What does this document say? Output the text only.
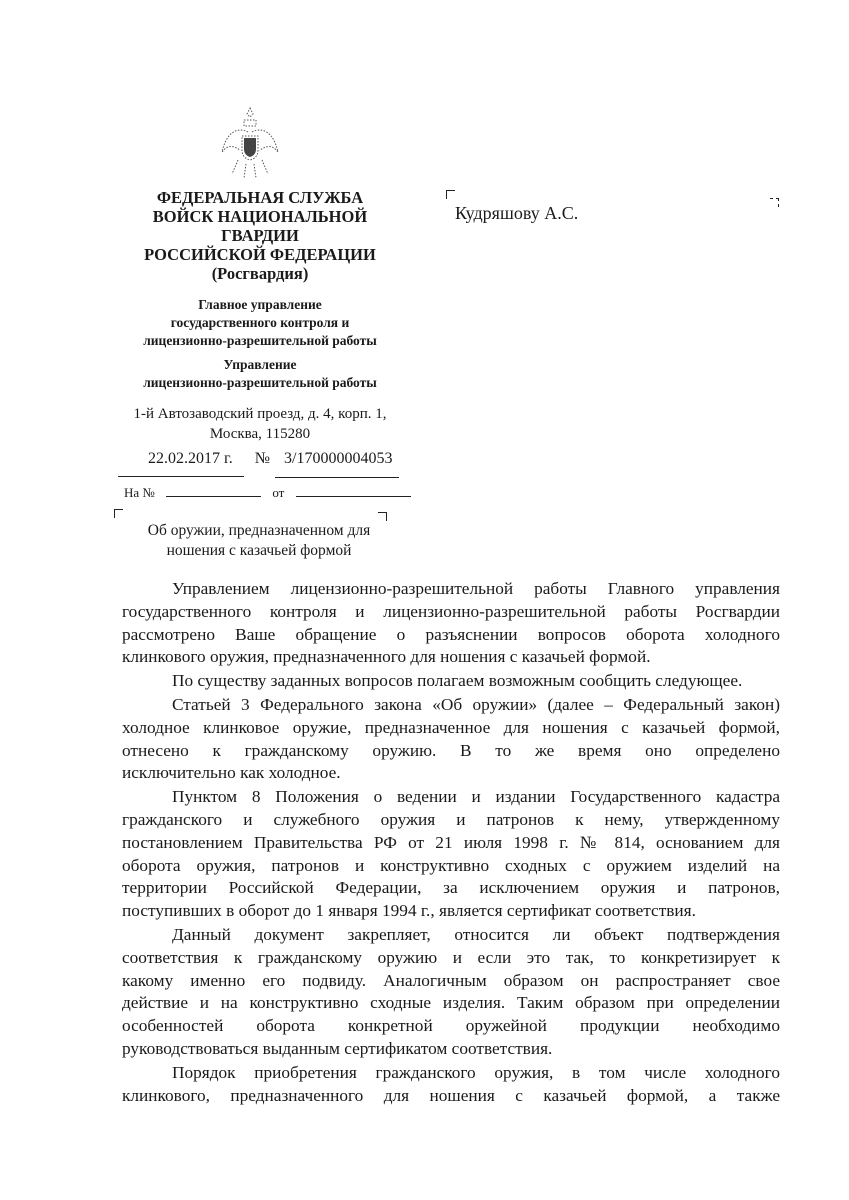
ФЕДЕРАЛЬНАЯ СЛУЖБА
ВОЙСК НАЦИОНАЛЬНОЙ
ГВАРДИИ
РОССИЙСКОЙ ФЕДЕРАЦИИ
(Росгвардия)
Главное управление
государственного контроля и
лицензионно-разрешительной работы
Управление
лицензионно-разрешительной работы
1-й Автозаводский проезд, д. 4, корп. 1,
Москва, 115280
22.02.2017 г. № 3/170000004053
На №	от
Об оружии, предназначенном для
ношения с казачьей формой
Кудряшову А.С.
Управлением лицензионно-разрешительной работы Главного управления
государственного контроля и лицензионно-разрешительной работы Росгвардии
рассмотрено Ваше обращение о разъяснении вопросов оборота холодного
клинкового оружия, предназначенного для ношения с казачьей формой.
По существу заданных вопросов полагаем возможным сообщить следующее.
Статьей 3 Федерального закона «Об оружии» (далее – Федеральный закон)
холодное клинковое оружие, предназначенное для ношения с казачьей формой,
отнесено к гражданскому оружию. В то же время оно определено
исключительно как холодное.
Пунктом 8 Положения о ведении и издании Государственного кадастра
гражданского и служебного оружия и патронов к нему, утвержденному
постановлением Правительства РФ от 21 июля 1998 г. № 814, основанием для
оборота оружия, патронов и конструктивно сходных с оружием изделий на
территории Российской Федерации, за исключением оружия и патронов,
поступивших в оборот до 1 января 1994 г., является сертификат соответствия.
Данный документ закрепляет, относится ли объект подтверждения
соответствия к гражданскому оружию и если это так, то конкретизирует к
какому именно его подвиду. Аналогичным образом он распространяет свое
действие и на конструктивно сходные изделия. Таким образом при определении
особенностей оборота конкретной оружейной продукции необходимо
руководствоваться выданным сертификатом соответствия.
Порядок приобретения гражданского оружия, в том числе холодного
клинкового, предназначенного для ношения с казачьей формой, а также
